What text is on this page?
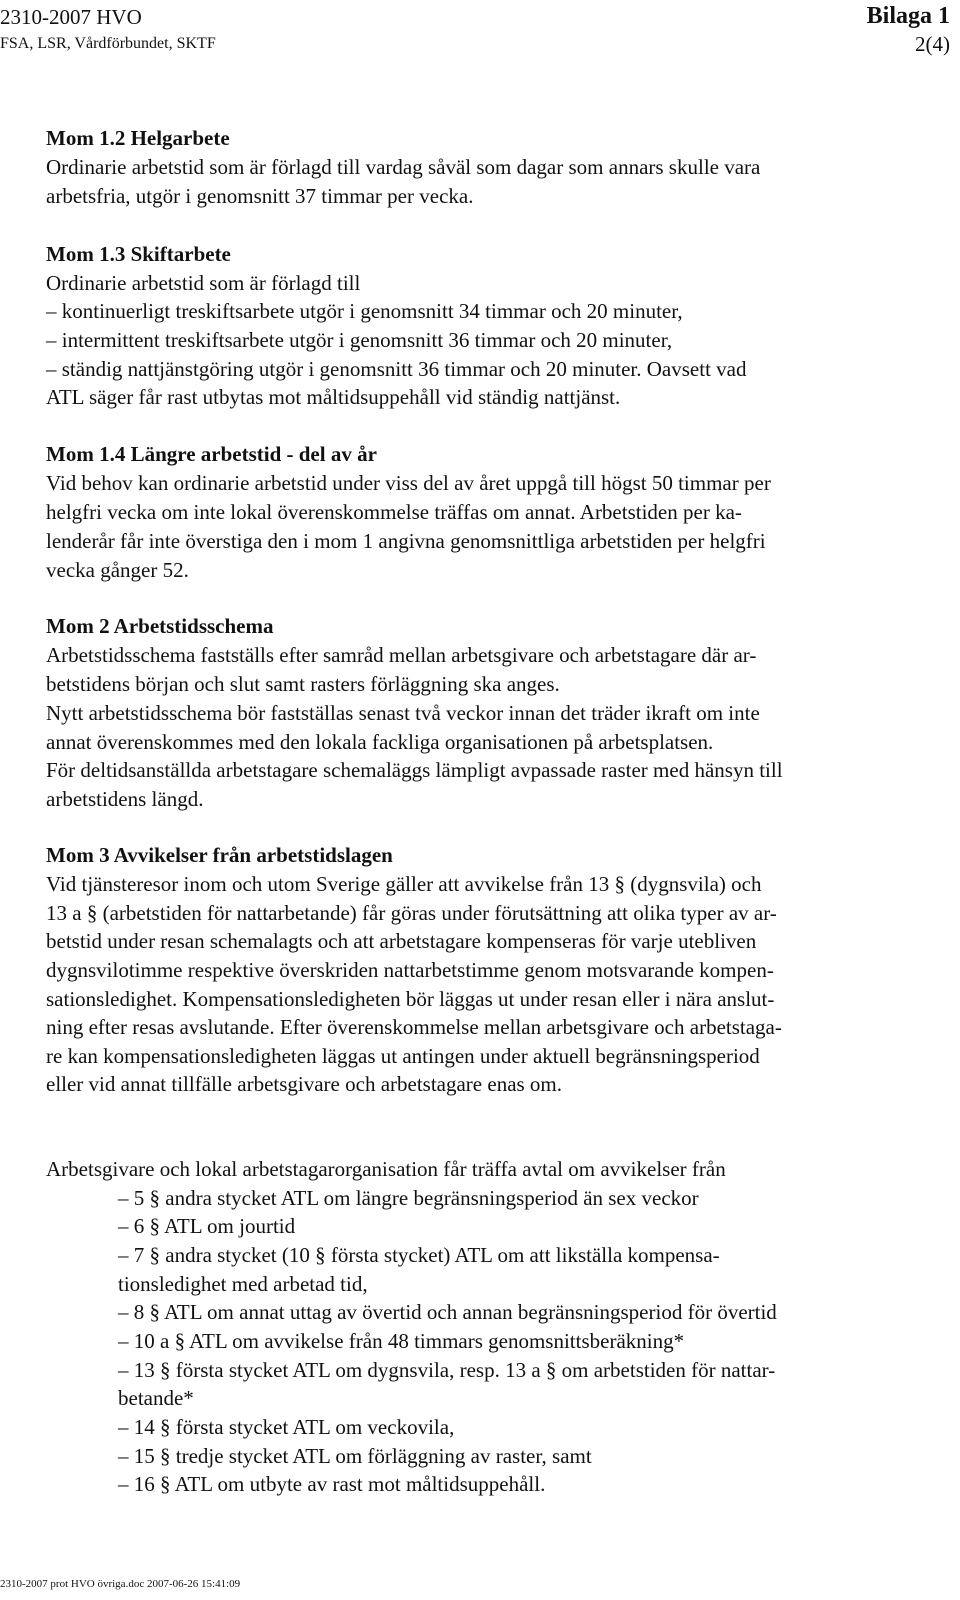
2310-2007 HVO
FSA, LSR, Vårdförbundet, SKTF
Bilaga 1
2(4)
Mom 1.2 Helgarbete
Ordinarie arbetstid som är förlagd till vardag såväl som dagar som annars skulle vara
arbetsfria, utgör i genomsnitt 37 timmar per vecka.
Mom 1.3 Skiftarbete
Ordinarie arbetstid som är förlagd till
– kontinuerligt treskiftsarbete utgör i genomsnitt 34 timmar och 20 minuter,
– intermittent treskiftsarbete utgör i genomsnitt 36 timmar och 20 minuter,
– ständig nattjänstgöring utgör i genomsnitt 36 timmar och 20 minuter. Oavsett vad
ATL säger får rast utbytas mot måltidsuppehåll vid ständig nattjänst.
Mom 1.4 Längre arbetstid - del av år
Vid behov kan ordinarie arbetstid under viss del av året uppgå till högst 50 timmar per
helgfri vecka om inte lokal överenskommelse träffas om annat. Arbetstiden per ka-
lenderår får inte överstiga den i mom 1 angivna genomsnittliga arbetstiden per helgfri
vecka gånger 52.
Mom 2 Arbetstidsschema
Arbetstidsschema fastställs efter samråd mellan arbetsgivare och arbetstagare där ar-
betstidens början och slut samt rasters förläggning ska anges.
Nytt arbetstidsschema bör fastställas senast två veckor innan det träder ikraft om inte
annat överenskommes med den lokala fackliga organisationen på arbetsplatsen.
För deltidsanställda arbetstagare schemaläggs lämpligt avpassade raster med hänsyn till
arbetstidens längd.
Mom 3 Avvikelser från arbetstidslagen
Vid tjänsteresor inom och utom Sverige gäller att avvikelse från 13 § (dygnsvila) och
13 a § (arbetstiden för nattarbetande) får göras under förutsättning att olika typer av ar-
betstid under resan schemalagts och att arbetstagare kompenseras för varje utebliven
dygnsvilotimme respektive överskriden nattarbetstimme genom motsvarande kompen-
sationsledighet. Kompensationsledigheten bör läggas ut under resan eller i nära anslut-
ning efter resas avslutande. Efter överenskommelse mellan arbetsgivare och arbetstaga-
re kan kompensationsledigheten läggas ut antingen under aktuell begränsningsperiod
eller vid annat tillfälle arbetsgivare och arbetstagare enas om.
Arbetsgivare och lokal arbetstagarorganisation får träffa avtal om avvikelser från
– 5 § andra stycket ATL om längre begränsningsperiod än sex veckor
– 6 § ATL om jourtid
– 7 § andra stycket (10 § första stycket) ATL om att likställa kompensa-
tionsledighet med arbetad tid,
– 8 § ATL om annat uttag av övertid och annan begränsningsperiod för övertid
– 10 a § ATL om avvikelse från 48 timmars genomsnittsberäkning*
– 13 § första stycket ATL om dygnsvila, resp. 13 a § om arbetstiden för nattar-
betande*
– 14 § första stycket ATL om veckovila,
– 15 § tredje stycket ATL om förläggning av raster, samt
– 16 § ATL om utbyte av rast mot måltidsuppehåll.
2310-2007 prot HVO övriga.doc 2007-06-26 15:41:09
